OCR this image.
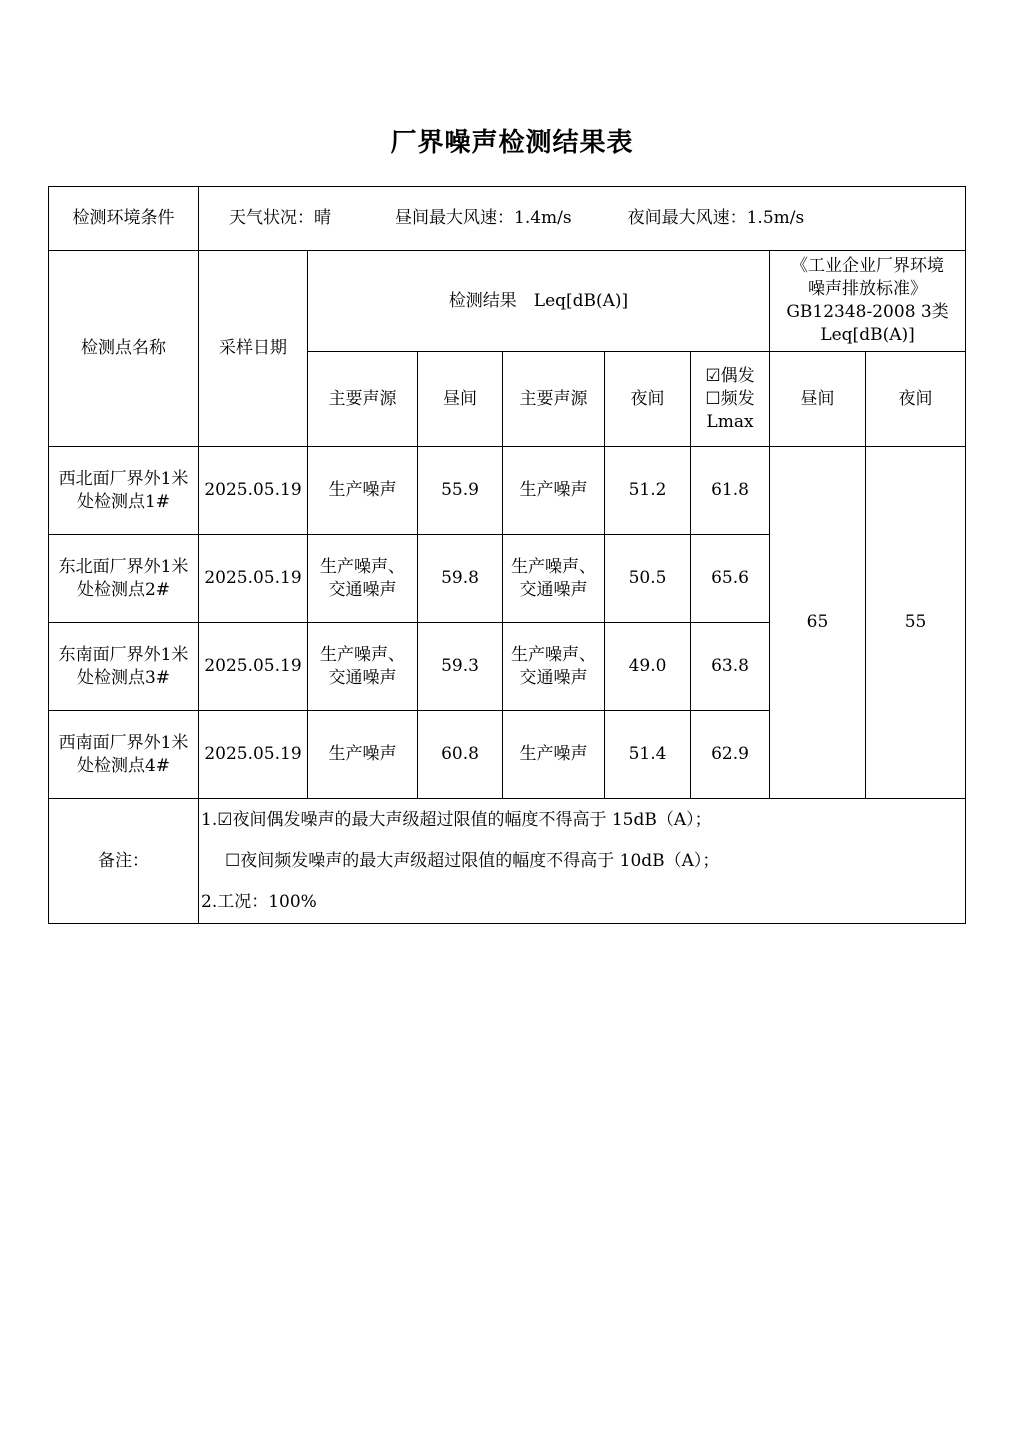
厂界噪声检测结果表
检测环境条件	天气状况：晴 昼间最大风速：1.4m/s 夜间最大风速：1.5m/s							
检测点名称	采样日期	检测结果　Leq[dB(A)]					《工业企业厂界环境
噪声排放标准》
GB12348-2008 3类
Leq[dB(A)]	

		主要声源	昼间	主要声源	夜间	☑偶发
☐频发
Lmax	昼间	夜间

西北面厂界外1米
处检测点1#	2025.05.19	生产噪声	55.9	生产噪声	51.2	61.8	65	55

东北面厂界外1米
处检测点2#	2025.05.19	生产噪声、
交通噪声	59.8	生产噪声、
交通噪声	50.5	65.6		

东南面厂界外1米
处检测点3#	2025.05.19	生产噪声、
交通噪声	59.3	生产噪声、
交通噪声	49.0	63.8		

西南面厂界外1米
处检测点4#	2025.05.19	生产噪声	60.8	生产噪声	51.4	62.9		
备注：	1.☑夜间偶发噪声的最大声级超过限值的幅度不得高于 15dB（A）；
☐夜间频发噪声的最大声级超过限值的幅度不得高于 10dB（A）；
2.工况：100%							
